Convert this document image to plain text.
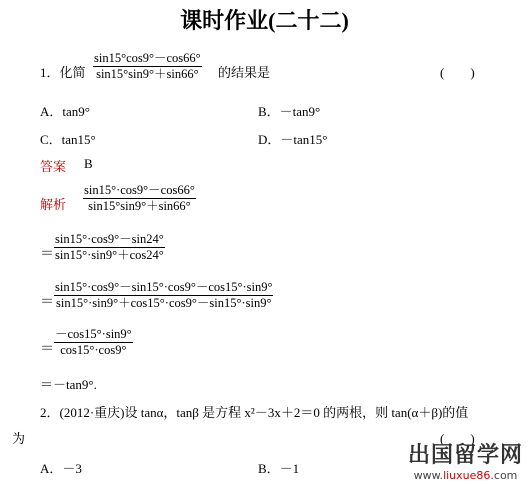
课时作业(二十二)
1．化简 $\frac{\sin 15^\circ\cos 9^\circ-\cos 66^\circ}{\sin 15^\circ\sin 9^\circ+\sin 66^\circ}$ 的结果是	(　　)
A．tan9°	B．－tan9°
C．tan15°	D．－tan15°
答案 B
解析 $\frac{\sin 15^\circ\cdot\cos 9^\circ-\cos 66^\circ}{\sin 15^\circ\sin 9^\circ+\sin 66^\circ}$
＝ $\frac{\sin 15^\circ\cdot\cos 9^\circ-\sin 24^\circ}{\sin 15^\circ\cdot\sin 9^\circ+\cos 24^\circ}$
＝ $\frac{\sin 15^\circ\cdot\cos 9^\circ-\sin 15^\circ\cdot\cos 9^\circ-\cos 15^\circ\cdot\sin 9^\circ}{\sin 15^\circ\cdot\sin 9^\circ+\cos 15^\circ\cdot\cos 9^\circ-\sin 15^\circ\cdot\sin 9^\circ}$
＝ $\frac{-\cos 15^\circ\cdot\sin 9^\circ}{\cos 15^\circ\cdot\cos 9^\circ}$
＝－tan9°.
2．(2012·重庆)设 tanα，tanβ 是方程 x²－3x＋2＝0 的两根，则 tan(α＋β)的值
为	(　　)
A．－3	B．－1
出国留学网
www.liuxue86.com
